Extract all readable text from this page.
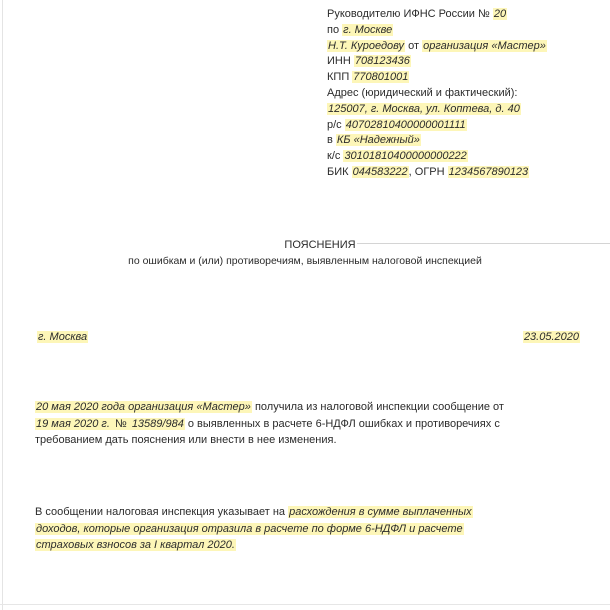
Руководителю ИФНС России № 20
по г. Москве
Н.Т. Куроедову от организация «Мастер»
ИНН 708123436
КПП 770801001
Адрес (юридический и фактический):
125007, г. Москва, ул. Коптева, д. 40
р/с 40702810400000001111
в КБ «Надежный»
к/с 30101810400000000222
БИК 044583222, ОГРН 1234567890123
ПОЯСНЕНИЯ
по ошибкам и (или) противоречиям, выявленным налоговой инспекцией
г. Москва	23.05.2020
20 мая 2020 года организация «Мастер» получила из налоговой инспекции сообщение от
19 мая 2020 г. № 13589/984 о выявленных в расчете 6-НДФЛ ошибках и противоречиях с
требованием дать пояснения или внести в нее изменения.
В сообщении налоговая инспекция указывает на расхождения в сумме выплаченных
доходов, которые организация отразила в расчете по форме 6-НДФЛ и расчете
страховых взносов за I квартал 2020.
